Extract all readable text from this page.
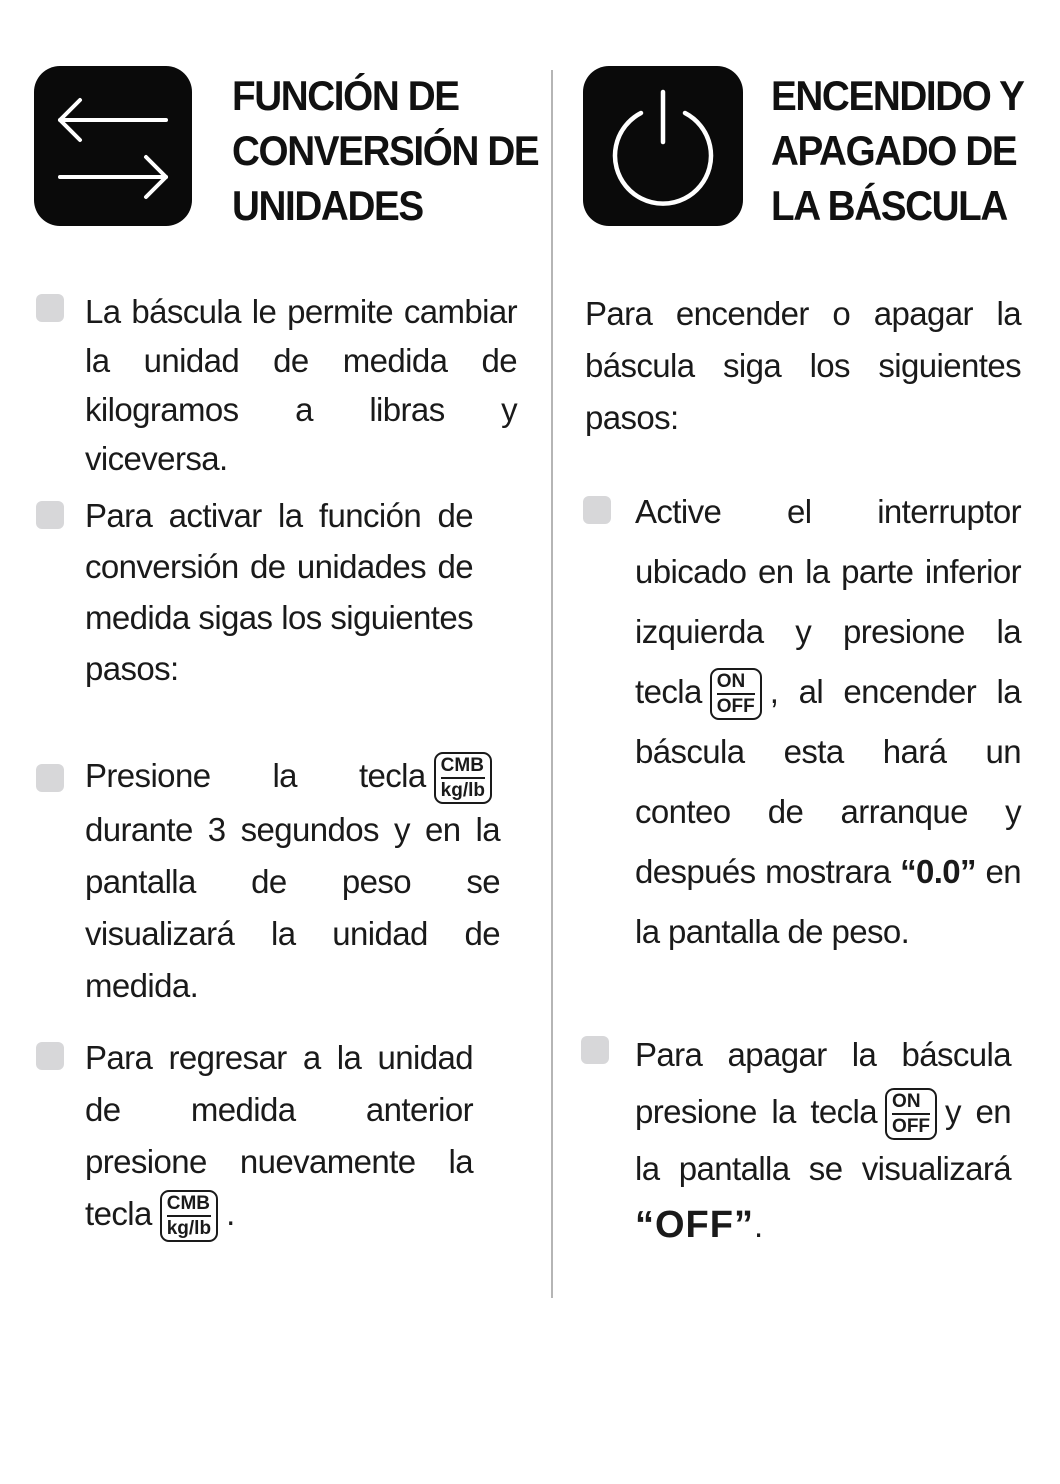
FUNCIÓN DE
CONVERSIÓN DE
UNIDADES

La báscula le permite cambiar la unidad de medida de kilogramos a libras y viceversa.

Para activar la función de conversión de unidades de medida sigas los siguientes pasos:

Presione la tecla CMB
kg/lb
durante 3 segundos y en la pantalla de peso se visualizará la unidad de medida.

Para regresar a la unidad de medida anterior presione nuevamente la tecla CMB
kg/lb .

ENCENDIDO Y
APAGADO DE
LA BÁSCULA

Para encender o apagar la báscula siga los siguientes pasos:

Active el interruptor ubicado en la parte inferior izquierda y presione la tecla ON
OFF , al encender la báscula esta hará un conteo de arranque y después mostrara “0.0” en la pantalla de peso.

Para apagar la báscula presione la tecla ON
OFF y en la pantalla se visualizará “OFF”.
